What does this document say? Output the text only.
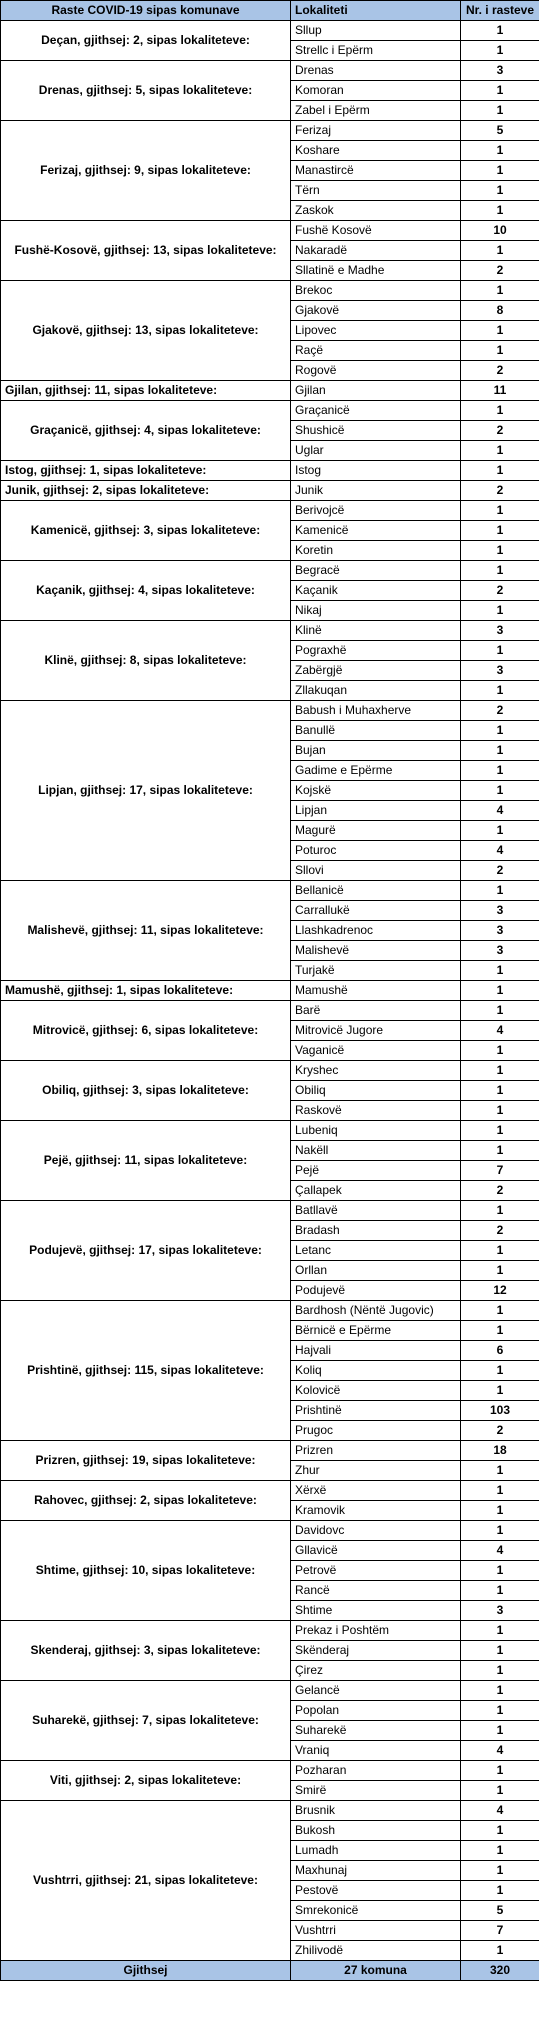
Raste COVID-19 sipas komunave	Lokaliteti	Nr. i rasteve
Deçan, gjithsej: 2, sipas lokaliteteve:	Sllup	1
	Strellc i Epërm	1
Drenas, gjithsej: 5, sipas lokaliteteve:	Drenas	3
	Komoran	1
	Zabel i Epërm	1
Ferizaj, gjithsej: 9, sipas lokaliteteve:	Ferizaj	5
	Koshare	1
	Manastircë	1
	Tërn	1
	Zaskok	1
Fushë-Kosovë, gjithsej: 13, sipas lokaliteteve:	Fushë Kosovë	10
	Nakaradë	1
	Sllatinë e Madhe	2
Gjakovë, gjithsej: 13, sipas lokaliteteve:	Brekoc	1
	Gjakovë	8
	Lipovec	1
	Raçë	1
	Rogovë	2
Gjilan, gjithsej: 11, sipas lokaliteteve:	Gjilan	11
Graçanicë, gjithsej: 4, sipas lokaliteteve:	Graçanicë	1
	Shushicë	2
	Uglar	1
Istog, gjithsej: 1, sipas lokaliteteve:	Istog	1
Junik, gjithsej: 2, sipas lokaliteteve:	Junik	2
Kamenicë, gjithsej: 3, sipas lokaliteteve:	Berivojcë	1
	Kamenicë	1
	Koretin	1
Kaçanik, gjithsej: 4, sipas lokaliteteve:	Begracë	1
	Kaçanik	2
	Nikaj	1
Klinë, gjithsej: 8, sipas lokaliteteve:	Klinë	3
	Pograxhë	1
	Zabërgjë	3
	Zllakuqan	1
Lipjan, gjithsej: 17, sipas lokaliteteve:	Babush i Muhaxherve	2
	Banullë	1
	Bujan	1
	Gadime e Epërme	1
	Kojskë	1
	Lipjan	4
	Magurë	1
	Poturoc	4
	Sllovi	2
Malishevë, gjithsej: 11, sipas lokaliteteve:	Bellanicë	1
	Carrallukë	3
	Llashkadrenoc	3
	Malishevë	3
	Turjakë	1
Mamushë, gjithsej: 1, sipas lokaliteteve:	Mamushë	1
Mitrovicë, gjithsej: 6, sipas lokaliteteve:	Barë	1
	Mitrovicë Jugore	4
	Vaganicë	1
Obiliq, gjithsej: 3, sipas lokaliteteve:	Kryshec	1
	Obiliq	1
	Raskovë	1
Pejë, gjithsej: 11, sipas lokaliteteve:	Lubeniq	1
	Nakëll	1
	Pejë	7
	Çallapek	2
Podujevë, gjithsej: 17, sipas lokaliteteve:	Batllavë	1
	Bradash	2
	Letanc	1
	Orllan	1
	Podujevë	12
Prishtinë, gjithsej: 115, sipas lokaliteteve:	Bardhosh (Nëntë Jugovic)	1
	Bërnicë e Epërme	1
	Hajvali	6
	Koliq	1
	Kolovicë	1
	Prishtinë	103
	Prugoc	2
Prizren, gjithsej: 19, sipas lokaliteteve:	Prizren	18
	Zhur	1
Rahovec, gjithsej: 2, sipas lokaliteteve:	Xërxë	1
	Kramovik	1
Shtime, gjithsej: 10, sipas lokaliteteve:	Davidovc	1
	Gllavicë	4
	Petrovë	1
	Rancë	1
	Shtime	3
Skenderaj, gjithsej: 3, sipas lokaliteteve:	Prekaz i Poshtëm	1
	Skënderaj	1
	Çirez	1
Suharekë, gjithsej: 7, sipas lokaliteteve:	Gelancë	1
	Popolan	1
	Suharekë	1
	Vraniq	4
Viti, gjithsej: 2, sipas lokaliteteve:	Pozharan	1
	Smirë	1
Vushtrri, gjithsej: 21, sipas lokaliteteve:	Brusnik	4
	Bukosh	1
	Lumadh	1
	Maxhunaj	1
	Pestovë	1
	Smrekonicë	5
	Vushtrri	7
	Zhilivodë	1
Gjithsej	27 komuna	320
